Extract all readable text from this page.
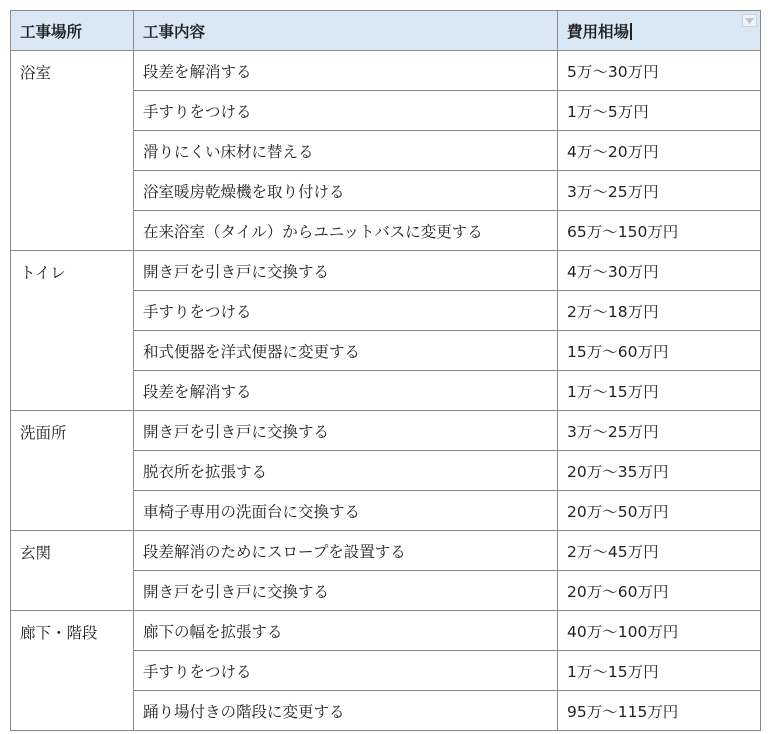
工事場所	工事内容	費用相場

浴室	段差を解消する	5万～30万円
	手すりをつける	1万～5万円
	滑りにくい床材に替える	4万～20万円
	浴室暖房乾燥機を取り付ける	3万～25万円
	在来浴室（タイル）からユニットバスに変更する	65万～150万円
トイレ	開き戸を引き戸に交換する	4万～30万円
	手すりをつける	2万～18万円
	和式便器を洋式便器に変更する	15万～60万円
	段差を解消する	1万～15万円
洗面所	開き戸を引き戸に交換する	3万～25万円
	脱衣所を拡張する	20万～35万円
	車椅子専用の洗面台に交換する	20万～50万円
玄関	段差解消のためにスロープを設置する	2万～45万円
	開き戸を引き戸に交換する	20万～60万円
廊下・階段	廊下の幅を拡張する	40万～100万円
	手すりをつける	1万～15万円
	踊り場付きの階段に変更する	95万～115万円
